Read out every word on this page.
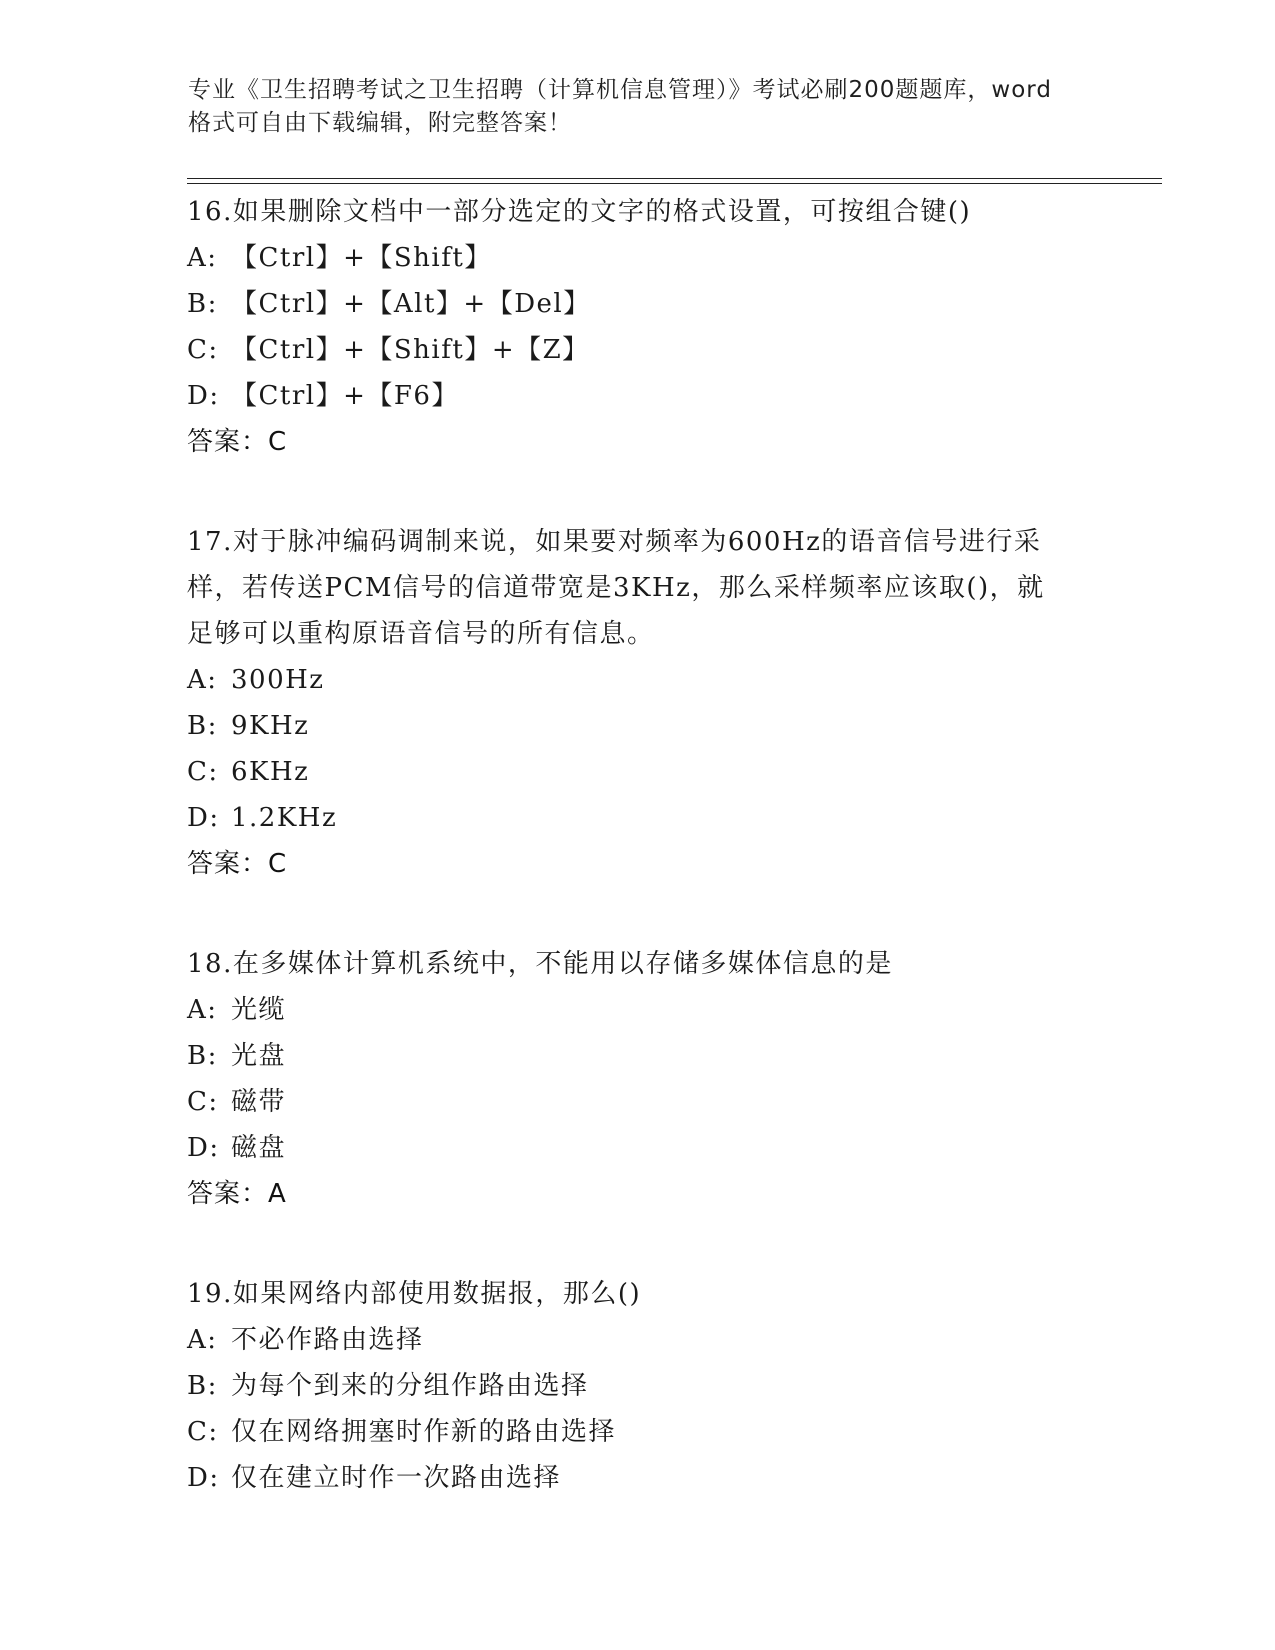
专业《卫生招聘考试之卫生招聘（计算机信息管理）》考试必刷200题题库，word
格式可自由下载编辑，附完整答案！
16.如果删除文档中一部分选定的文字的格式设置，可按组合键()
A: 【Ctrl】+【Shift】
B: 【Ctrl】+【Alt】+【Del】
C: 【Ctrl】+【Shift】+【Z】
D: 【Ctrl】+【F6】
答案：C
17.对于脉冲编码调制来说，如果要对频率为600Hz的语音信号进行采
样，若传送PCM信号的信道带宽是3KHz，那么采样频率应该取()，就
足够可以重构原语音信号的所有信息。
A: 300Hz
B: 9KHz
C: 6KHz
D: 1.2KHz
答案：C
18.在多媒体计算机系统中，不能用以存储多媒体信息的是
A: 光缆
B: 光盘
C: 磁带
D: 磁盘
答案：A
19.如果网络内部使用数据报，那么()
A: 不必作路由选择
B: 为每个到来的分组作路由选择
C: 仅在网络拥塞时作新的路由选择
D: 仅在建立时作一次路由选择
